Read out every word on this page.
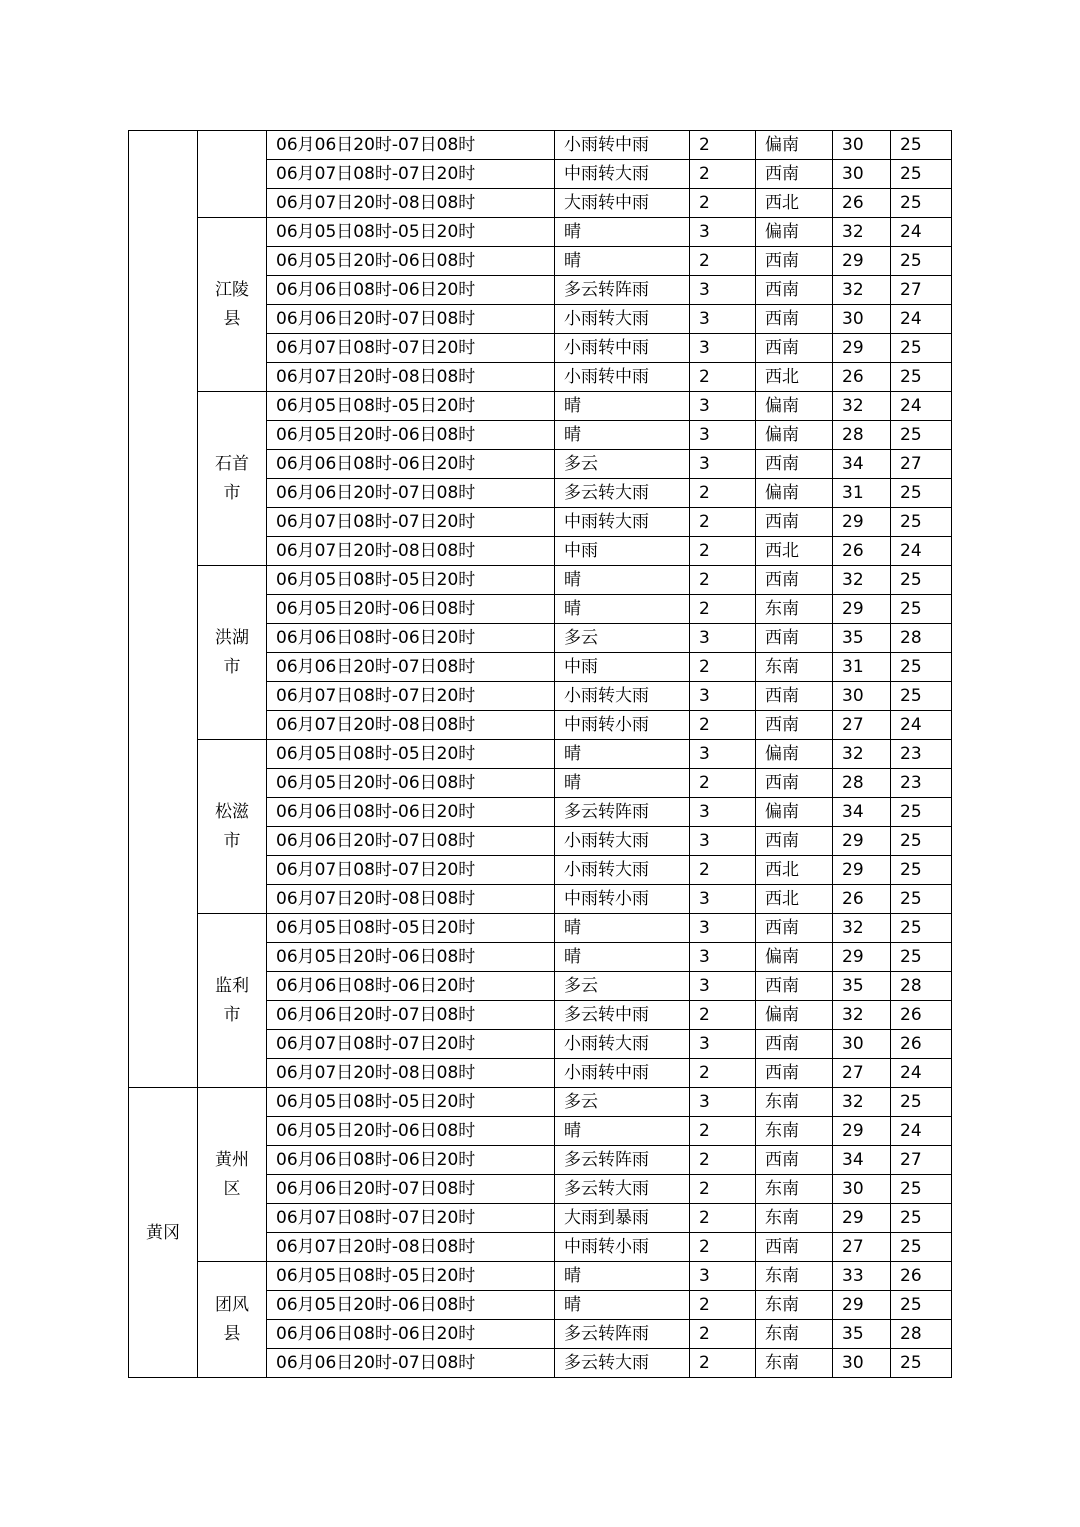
		06月06日20时-07日08时	小雨转中雨	2	偏南	30	25
		06月07日08时-07日20时	中雨转大雨	2	西南	30	25
		06月07日20时-08日08时	大雨转中雨	2	西北	26	25
	江陵县	06月05日08时-05日20时	晴	3	偏南	32	24
		06月05日20时-06日08时	晴	2	西南	29	25
		06月06日08时-06日20时	多云转阵雨	3	西南	32	27
		06月06日20时-07日08时	小雨转大雨	3	西南	30	24
		06月07日08时-07日20时	小雨转中雨	3	西南	29	25
		06月07日20时-08日08时	小雨转中雨	2	西北	26	25
	石首市	06月05日08时-05日20时	晴	3	偏南	32	24
		06月05日20时-06日08时	晴	3	偏南	28	25
		06月06日08时-06日20时	多云	3	西南	34	27
		06月06日20时-07日08时	多云转大雨	2	偏南	31	25
		06月07日08时-07日20时	中雨转大雨	2	西南	29	25
		06月07日20时-08日08时	中雨	2	西北	26	24
	洪湖市	06月05日08时-05日20时	晴	2	西南	32	25
		06月05日20时-06日08时	晴	2	东南	29	25
		06月06日08时-06日20时	多云	3	西南	35	28
		06月06日20时-07日08时	中雨	2	东南	31	25
		06月07日08时-07日20时	小雨转大雨	3	西南	30	25
		06月07日20时-08日08时	中雨转小雨	2	西南	27	24
	松滋市	06月05日08时-05日20时	晴	3	偏南	32	23
		06月05日20时-06日08时	晴	2	西南	28	23
		06月06日08时-06日20时	多云转阵雨	3	偏南	34	25
		06月06日20时-07日08时	小雨转大雨	3	西南	29	25
		06月07日08时-07日20时	小雨转大雨	2	西北	29	25
		06月07日20时-08日08时	中雨转小雨	3	西北	26	25
	监利市	06月05日08时-05日20时	晴	3	西南	32	25
		06月05日20时-06日08时	晴	3	偏南	29	25
		06月06日08时-06日20时	多云	3	西南	35	28
		06月06日20时-07日08时	多云转中雨	2	偏南	32	26
		06月07日08时-07日20时	小雨转大雨	3	西南	30	26
		06月07日20时-08日08时	小雨转中雨	2	西南	27	24
黄冈	黄州区	06月05日08时-05日20时	多云	3	东南	32	25
		06月05日20时-06日08时	晴	2	东南	29	24
		06月06日08时-06日20时	多云转阵雨	2	西南	34	27
		06月06日20时-07日08时	多云转大雨	2	东南	30	25
		06月07日08时-07日20时	大雨到暴雨	2	东南	29	25
		06月07日20时-08日08时	中雨转小雨	2	西南	27	25
	团风县	06月05日08时-05日20时	晴	3	东南	33	26
		06月05日20时-06日08时	晴	2	东南	29	25
		06月06日08时-06日20时	多云转阵雨	2	东南	35	28
		06月06日20时-07日08时	多云转大雨	2	东南	30	25
